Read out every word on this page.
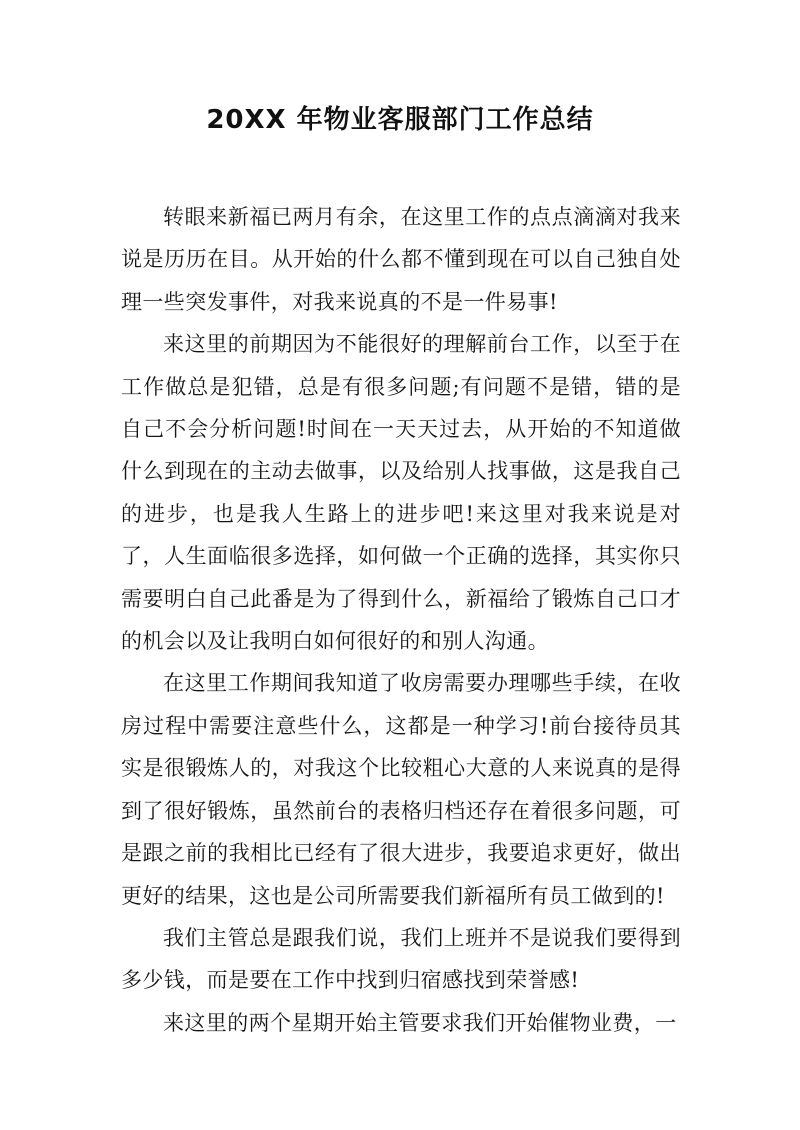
20XX 年物业客服部门工作总结

转眼来新福已两月有余，在这里工作的点点滴滴对我来说是历历在目。从开始的什么都不懂到现在可以自己独自处理一些突发事件，对我来说真的不是一件易事!

来这里的前期因为不能很好的理解前台工作，以至于在工作做总是犯错，总是有很多问题;有问题不是错，错的是自己不会分析问题!时间在一天天过去，从开始的不知道做什么到现在的主动去做事，以及给别人找事做，这是我自己的进步，也是我人生路上的进步吧!来这里对我来说是对了，人生面临很多选择，如何做一个正确的选择，其实你只需要明白自己此番是为了得到什么，新福给了锻炼自己口才的机会以及让我明白如何很好的和别人沟通。

在这里工作期间我知道了收房需要办理哪些手续，在收房过程中需要注意些什么，这都是一种学习!前台接待员其实是很锻炼人的，对我这个比较粗心大意的人来说真的是得到了很好锻炼，虽然前台的表格归档还存在着很多问题，可是跟之前的我相比已经有了很大进步，我要追求更好，做出更好的结果，这也是公司所需要我们新福所有员工做到的!

我们主管总是跟我们说，我们上班并不是说我们要得到多少钱，而是要在工作中找到归宿感找到荣誉感!

来这里的两个星期开始主管要求我们开始催物业费，一
